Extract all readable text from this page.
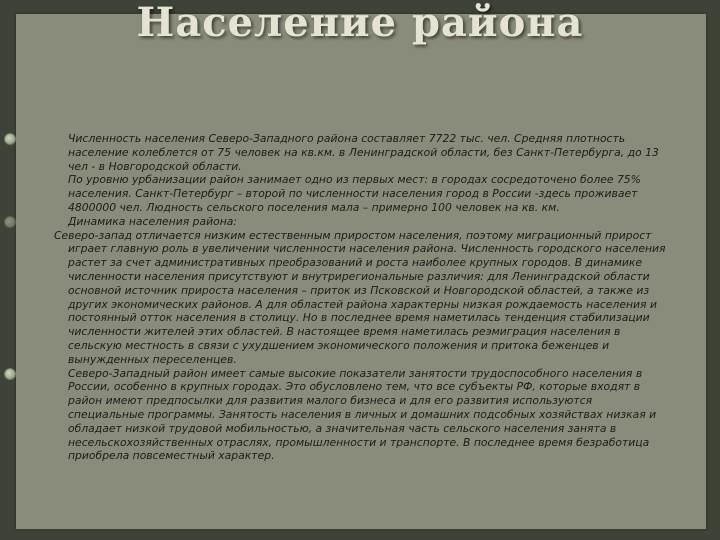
Население района
Численность населения Северо-Западного района составляет 7722 тыс. чел. Средняя плотность
население колеблется от 75 человек на кв.км. в Ленинградской области, без Санкт-Петербурга, до 13
чел - в Новгородской области.
По уровню урбанизации район занимает одно из первых мест: в городах сосредоточено более 75%
населения. Санкт-Петербург – второй по численности населения город в России -здесь проживает
4800000 чел. Людность сельского поселения мала – примерно 100 человек на кв. км.
Динамика населения района:
Северо-запад отличается низким естественным приростом населения, поэтому миграционный прирост
играет главную роль в увеличении численности населения района. Численность городского населения
растет за счет административных преобразований и роста наиболее крупных городов. В динамике
численности населения присутствуют и внутрирегиональные различия: для Ленинградской области
основной источник прироста населения – приток из Псковской и Новгородской областей, а также из
других экономических районов. А для областей района характерны низкая рождаемость населения и
постоянный отток населения в столицу. Но в последнее время наметилась тенденция стабилизации
численности жителей этих областей. В настоящее время наметилась реэмиграция населения в
сельскую местность в связи с ухудшением экономического положения и притока беженцев и
вынужденных переселенцев.
Северо-Западный район имеет самые высокие показатели занятости трудоспособного населения в
России, особенно в крупных городах. Это обусловлено тем, что все субъекты РФ, которые входят в
район имеют предпосылки для развития малого бизнеса и для его развития используются
специальные программы. Занятость населения в личных и домашних подсобных хозяйствах низкая и
обладает низкой трудовой мобильностью, а значительная часть сельского населения занята в
несельскохозяйственных отраслях, промышленности и транспорте. В последнее время безработица
приобрела повсеместный характер.
